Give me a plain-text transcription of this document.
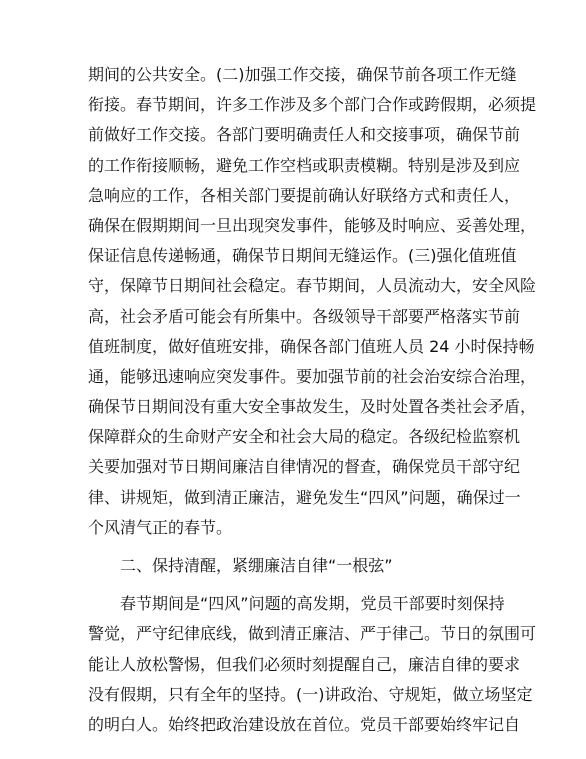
期间的公共安全。(二)加强工作交接，确保节前各项工作无缝
衔接。春节期间，许多工作涉及多个部门合作或跨假期，必须提
前做好工作交接。各部门要明确责任人和交接事项，确保节前
的工作衔接顺畅，避免工作空档或职责模糊。特别是涉及到应
急响应的工作，各相关部门要提前确认好联络方式和责任人，
确保在假期期间一旦出现突发事件，能够及时响应、妥善处理，
保证信息传递畅通，确保节日期间无缝运作。(三)强化值班值
守，保障节日期间社会稳定。春节期间，人员流动大，安全风险
高，社会矛盾可能会有所集中。各级领导干部要严格落实节前
值班制度，做好值班安排，确保各部门值班人员 24 小时保持畅
通，能够迅速响应突发事件。要加强节前的社会治安综合治理，
确保节日期间没有重大安全事故发生，及时处置各类社会矛盾，
保障群众的生命财产安全和社会大局的稳定。各级纪检监察机
关要加强对节日期间廉洁自律情况的督查，确保党员干部守纪
律、讲规矩，做到清正廉洁，避免发生“四风”问题，确保过一
个风清气正的春节。
二、保持清醒，紧绷廉洁自律“一根弦”
春节期间是“四风”问题的高发期，党员干部要时刻保持
警觉，严守纪律底线，做到清正廉洁、严于律己。节日的氛围可
能让人放松警惕，但我们必须时刻提醒自己，廉洁自律的要求
没有假期，只有全年的坚持。(一)讲政治、守规矩，做立场坚定
的明白人。始终把政治建设放在首位。党员干部要始终牢记自
